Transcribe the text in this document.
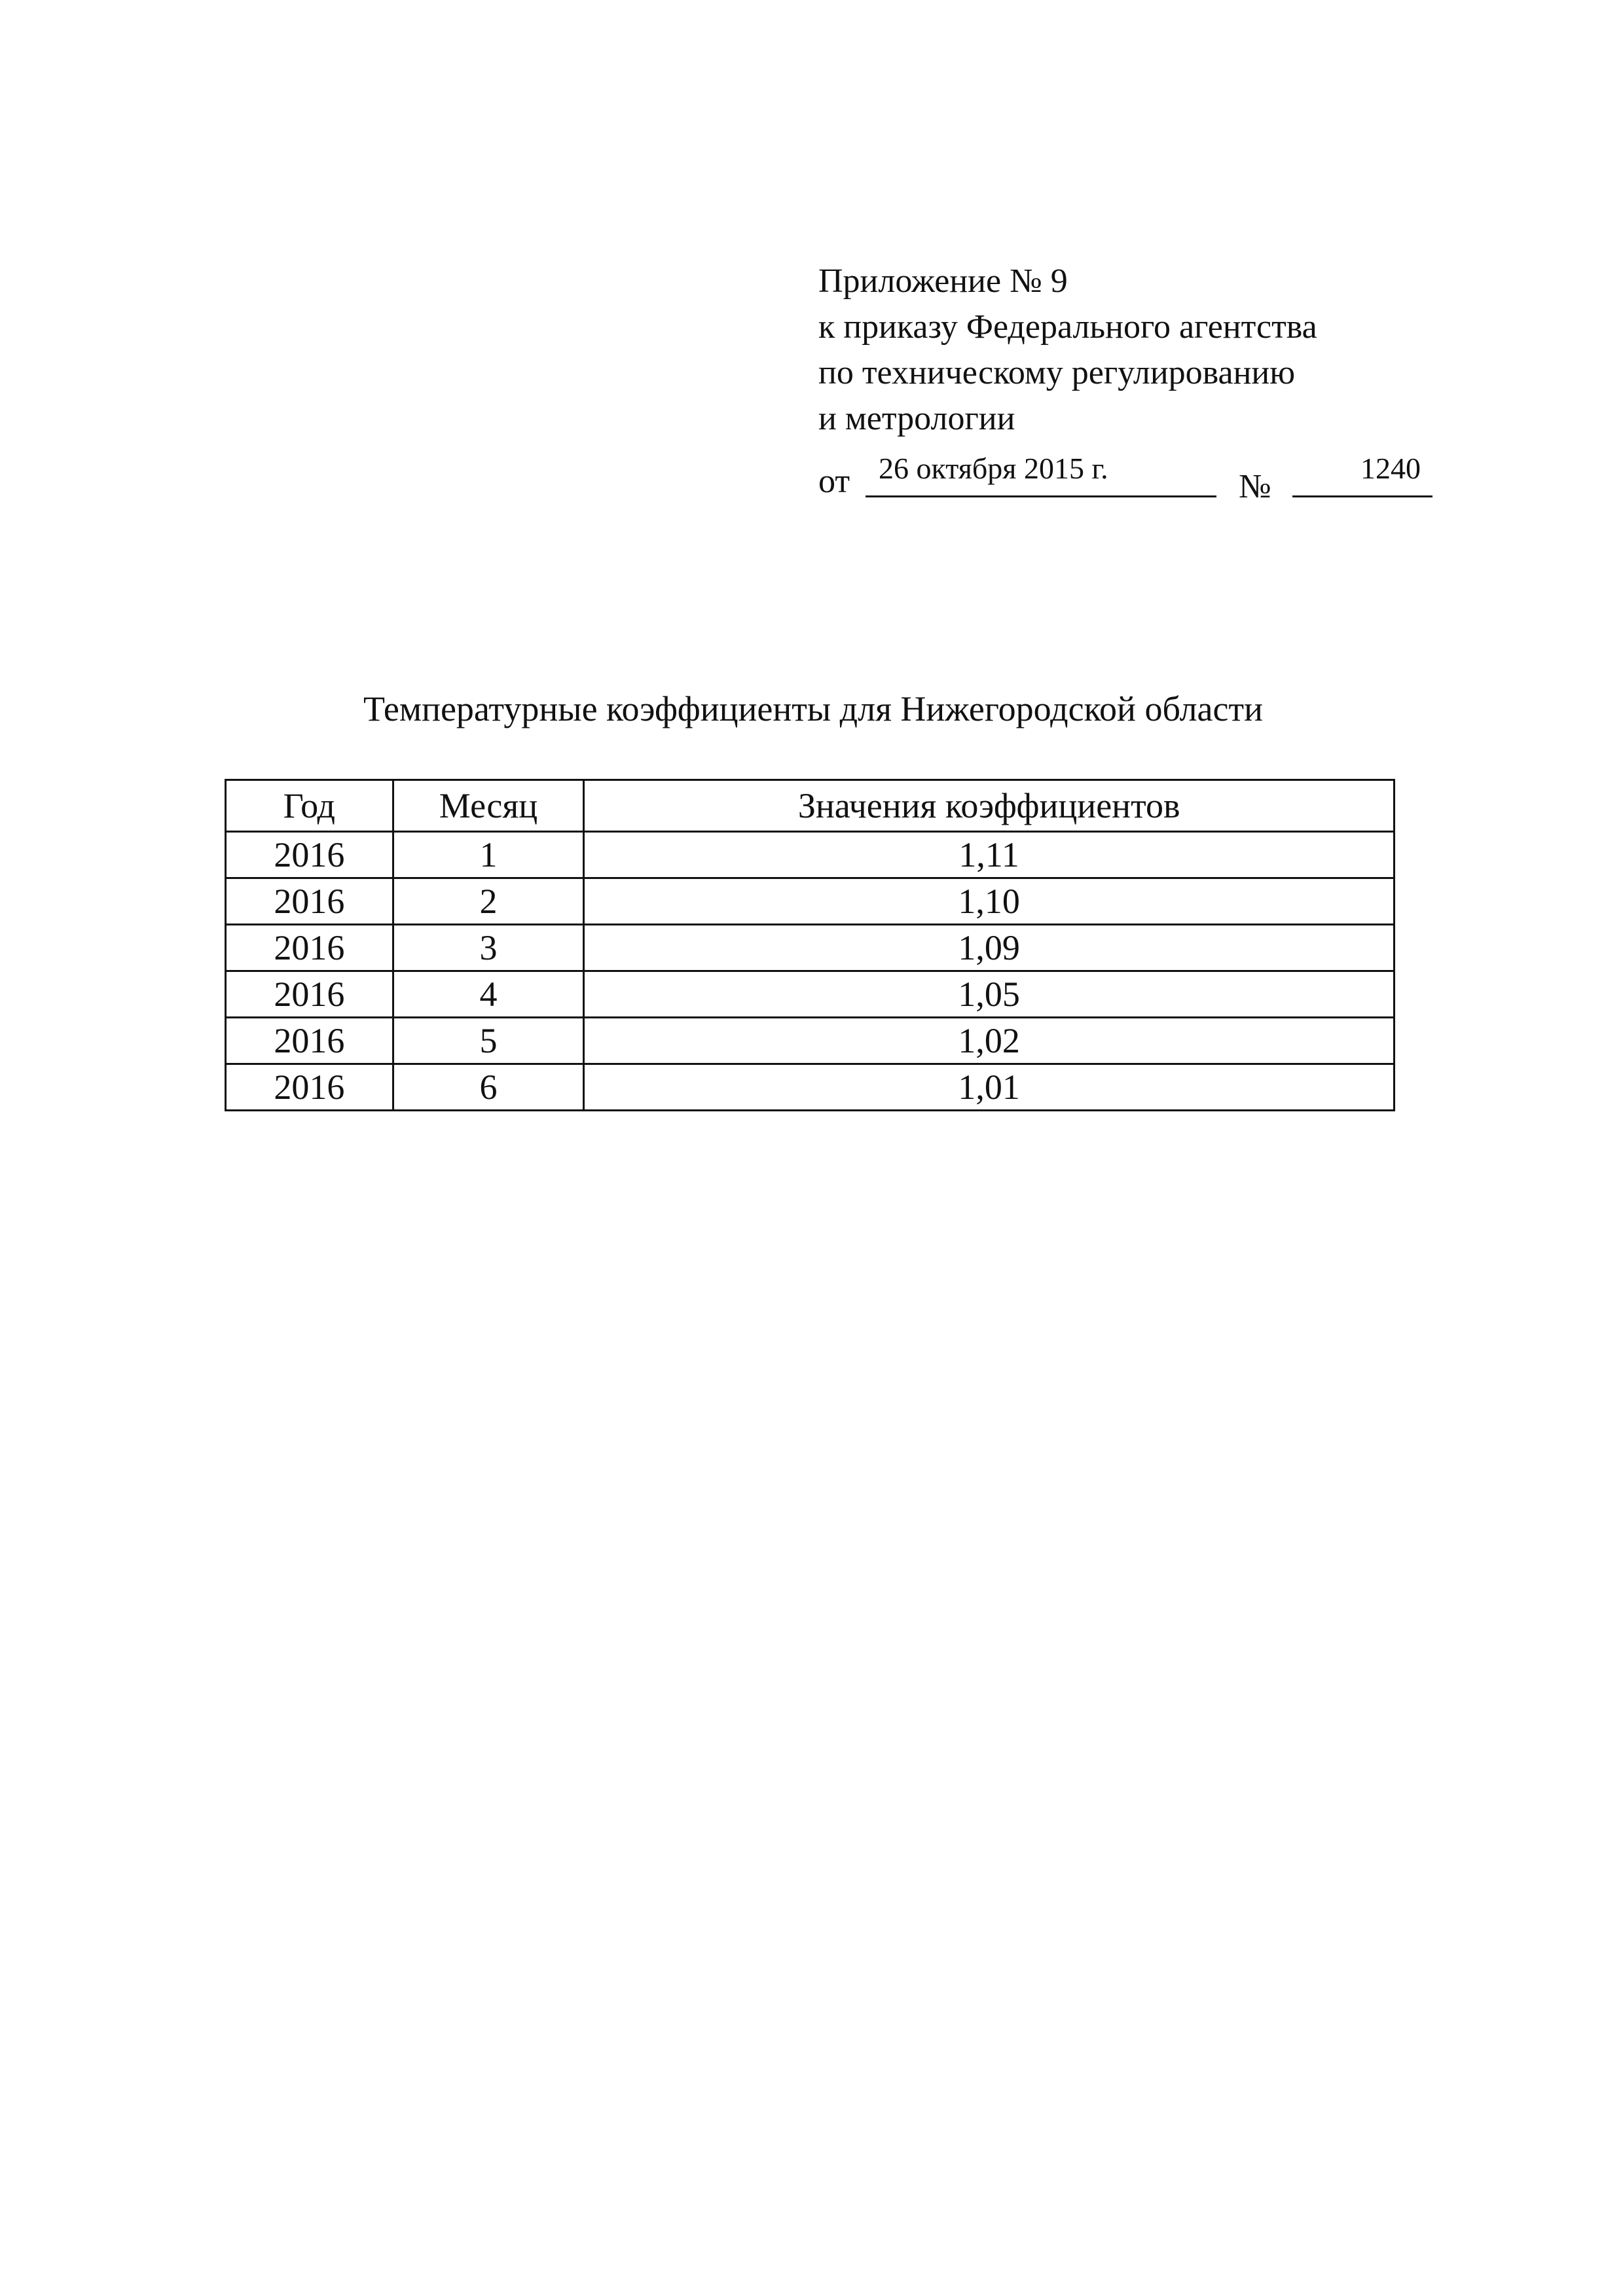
Приложение № 9
к приказу Федерального агентства
по техническому регулированию
и метрологии
от 26 октября 2015 г.	№	1240
Температурные коэффициенты для Нижегородской области
Год	Месяц	Значения коэффициентов
2016	1	1,11
2016	2	1,10
2016	3	1,09
2016	4	1,05
2016	5	1,02
2016	6	1,01
